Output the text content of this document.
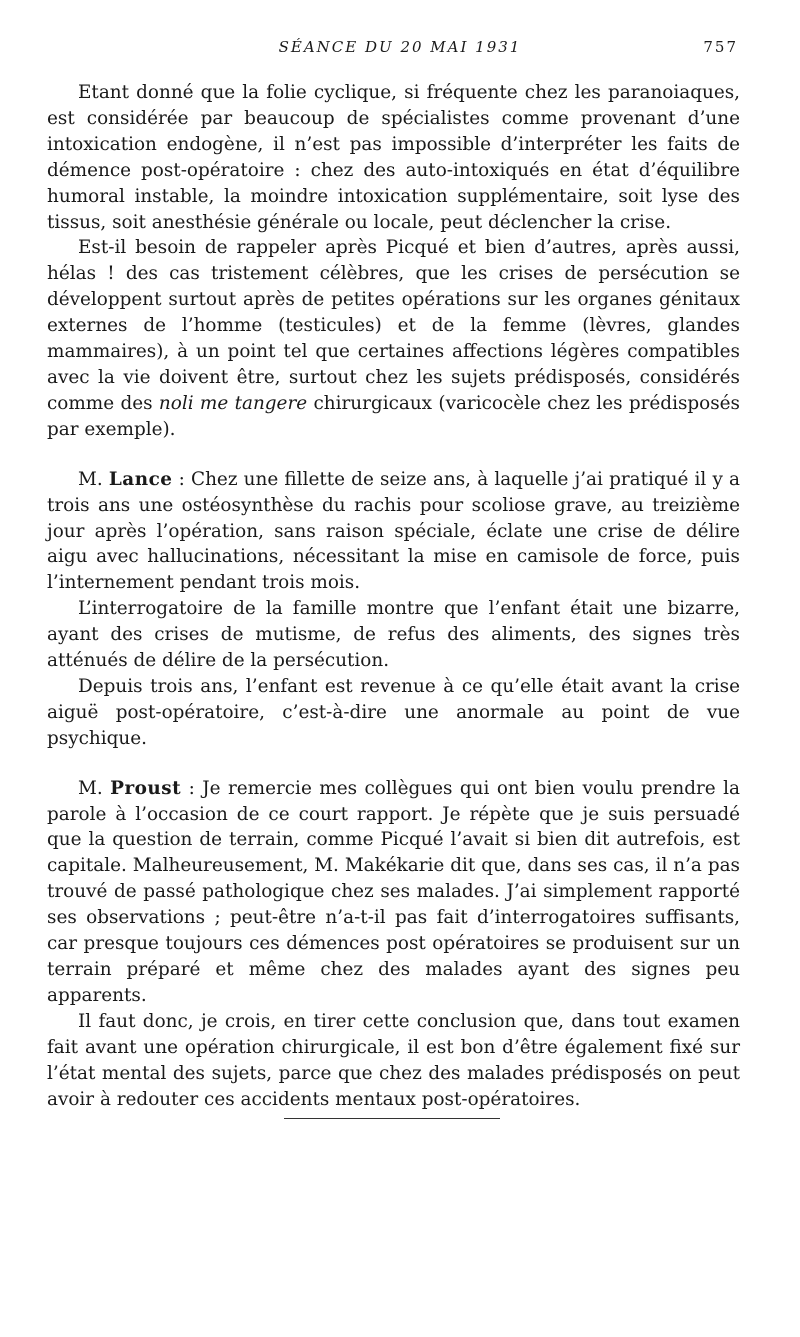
SÉANCE DU 20 MAI 1931	757

Etant donné que la folie cyclique, si fréquente chez les paranoiaques, est considérée par beaucoup de spécialistes comme provenant d’une intoxication endogène, il n’est pas impossible d’interpréter les faits de démence post-opératoire : chez des auto-intoxiqués en état d’équilibre humoral instable, la moindre intoxication supplémentaire, soit lyse des tissus, soit anesthésie générale ou locale, peut déclencher la crise.

Est-il besoin de rappeler après Picqué et bien d’autres, après aussi, hélas ! des cas tristement célèbres, que les crises de persécution se développent surtout après de petites opérations sur les organes génitaux externes de l’homme (testicules) et de la femme (lèvres, glandes mammaires), à un point tel que certaines affections légères compatibles avec la vie doivent être, surtout chez les sujets prédisposés, considérés comme des noli me tangere chirurgicaux (varicocèle chez les prédisposés par exemple).

M. Lance : Chez une fillette de seize ans, à laquelle j’ai pratiqué il y a trois ans une ostéosynthèse du rachis pour scoliose grave, au treizième jour après l’opération, sans raison spéciale, éclate une crise de délire aigu avec hallucinations, nécessitant la mise en camisole de force, puis l’internement pendant trois mois.

L’interrogatoire de la famille montre que l’enfant était une bizarre, ayant des crises de mutisme, de refus des aliments, des signes très atténués de délire de la persécution.

Depuis trois ans, l’enfant est revenue à ce qu’elle était avant la crise aiguë post-opératoire, c’est-à-dire une anormale au point de vue psychique.

M. Proust : Je remercie mes collègues qui ont bien voulu prendre la parole à l’occasion de ce court rapport. Je répète que je suis persuadé que la question de terrain, comme Picqué l’avait si bien dit autrefois, est capitale. Malheureusement, M. Makékarie dit que, dans ses cas, il n’a pas trouvé de passé pathologique chez ses malades. J’ai simplement rapporté ses observations ; peut-être n’a-t-il pas fait d’interrogatoires suffisants, car presque toujours ces démences post opératoires se produisent sur un terrain préparé et même chez des malades ayant des signes peu apparents.

Il faut donc, je crois, en tirer cette conclusion que, dans tout examen fait avant une opération chirurgicale, il est bon d’être également fixé sur l’état mental des sujets, parce que chez des malades prédisposés on peut avoir à redouter ces accidents mentaux post-opératoires.
